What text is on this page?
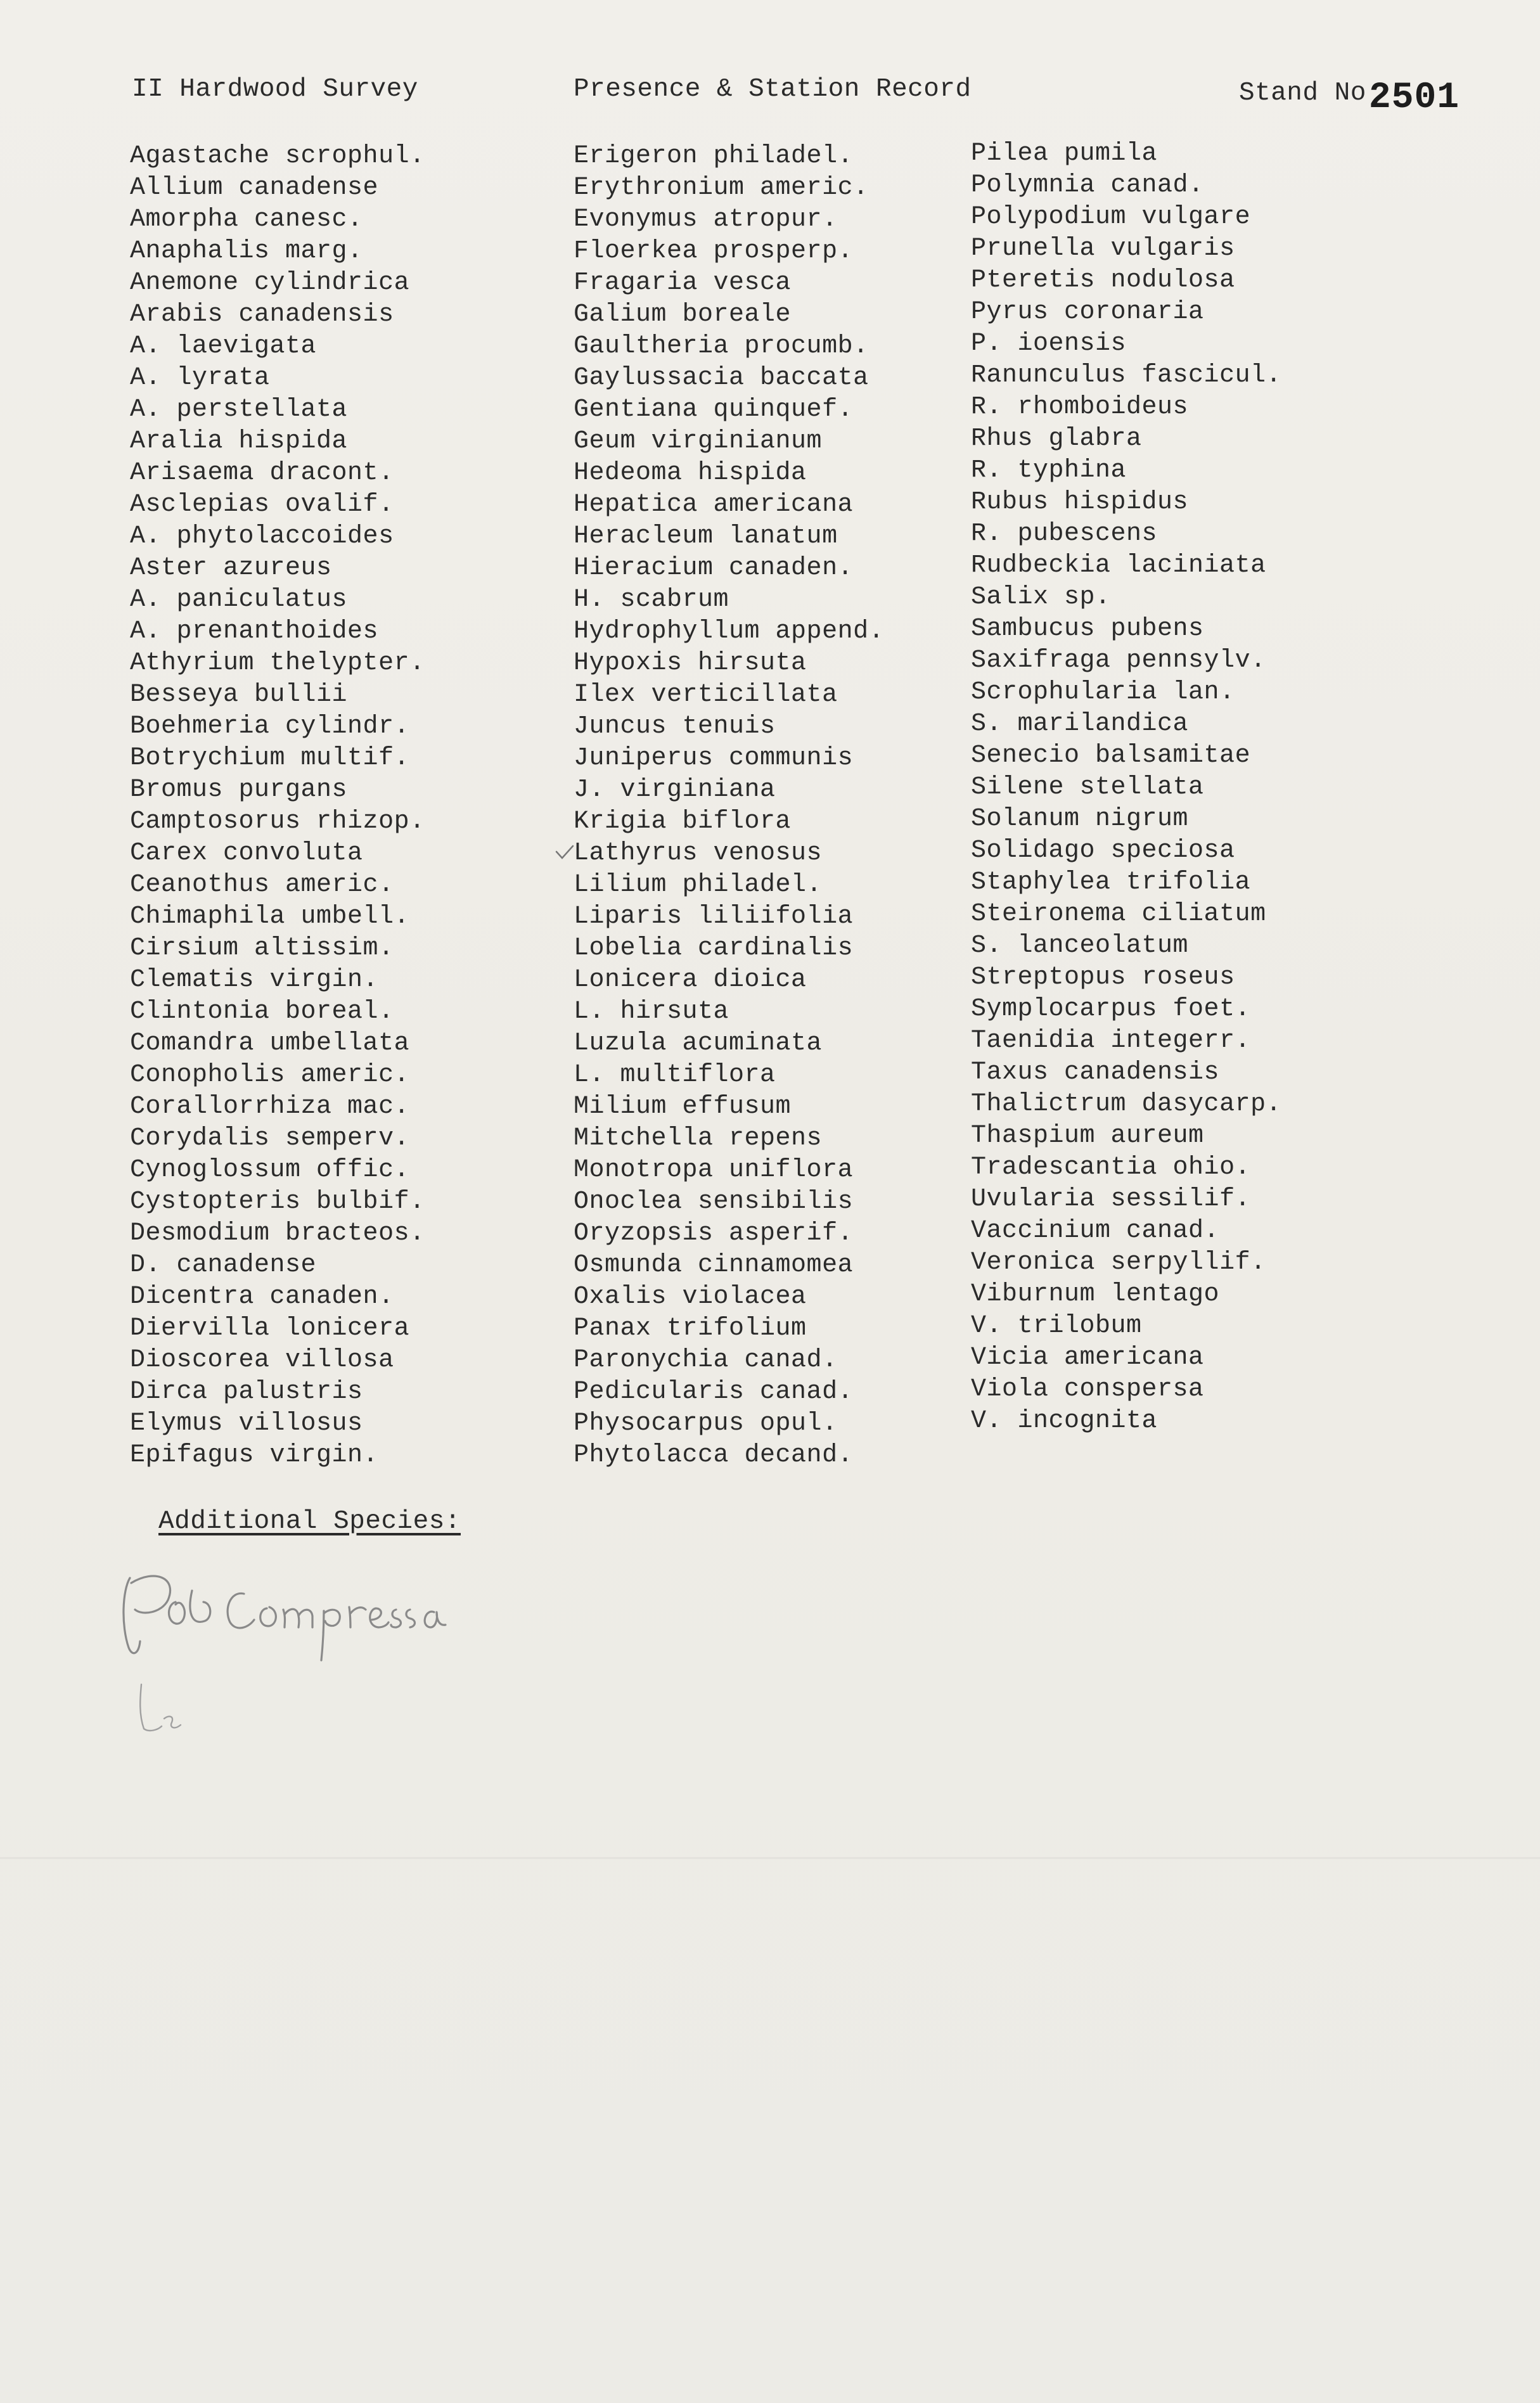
II Hardwood Survey	Presence & Station Record	Stand No2501
Agastache scrophul.
Allium canadense
Amorpha canesc.
Anaphalis marg.
Anemone cylindrica
Arabis canadensis
A. laevigata
A. lyrata
A. perstellata
Aralia hispida
Arisaema dracont.
Asclepias ovalif.
A. phytolaccoides
Aster azureus
A. paniculatus
A. prenanthoides
Athyrium thelypter.
Besseya bullii
Boehmeria cylindr.
Botrychium multif.
Bromus purgans
Camptosorus rhizop.
Carex convoluta
Ceanothus americ.
Chimaphila umbell.
Cirsium altissim.
Clematis virgin.
Clintonia boreal.
Comandra umbellata
Conopholis americ.
Corallorrhiza mac.
Corydalis semperv.
Cynoglossum offic.
Cystopteris bulbif.
Desmodium bracteos.
D. canadense
Dicentra canaden.
Diervilla lonicera
Dioscorea villosa
Dirca palustris
Elymus villosus
Epifagus virgin.
Erigeron philadel.
Erythronium americ.
Evonymus atropur.
Floerkea prosperp.
Fragaria vesca
Galium boreale
Gaultheria procumb.
Gaylussacia baccata
Gentiana quinquef.
Geum virginianum
Hedeoma hispida
Hepatica americana
Heracleum lanatum
Hieracium canaden.
H. scabrum
Hydrophyllum append.
Hypoxis hirsuta
Ilex verticillata
Juncus tenuis
Juniperus communis
J. virginiana
Krigia biflora
Lathyrus venosus
Lilium philadel.
Liparis liliifolia
Lobelia cardinalis
Lonicera dioica
L. hirsuta
Luzula acuminata
L. multiflora
Milium effusum
Mitchella repens
Monotropa uniflora
Onoclea sensibilis
Oryzopsis asperif.
Osmunda cinnamomea
Oxalis violacea
Panax trifolium
Paronychia canad.
Pedicularis canad.
Physocarpus opul.
Phytolacca decand.
Pilea pumila
Polymnia canad.
Polypodium vulgare
Prunella vulgaris
Pteretis nodulosa
Pyrus coronaria
P. ioensis
Ranunculus fascicul.
R. rhomboideus
Rhus glabra
R. typhina
Rubus hispidus
R. pubescens
Rudbeckia laciniata
Salix sp.
Sambucus pubens
Saxifraga pennsylv.
Scrophularia lan.
S. marilandica
Senecio balsamitae
Silene stellata
Solanum nigrum
Solidago speciosa
Staphylea trifolia
Steironema ciliatum
S. lanceolatum
Streptopus roseus
Symplocarpus foet.
Taenidia integerr.
Taxus canadensis
Thalictrum dasycarp.
Thaspium aureum
Tradescantia ohio.
Uvularia sessilif.
Vaccinium canad.
Veronica serpyllif.
Viburnum lentago
V. trilobum
Vicia americana
Viola conspersa
V. incognita
Additional Species:
